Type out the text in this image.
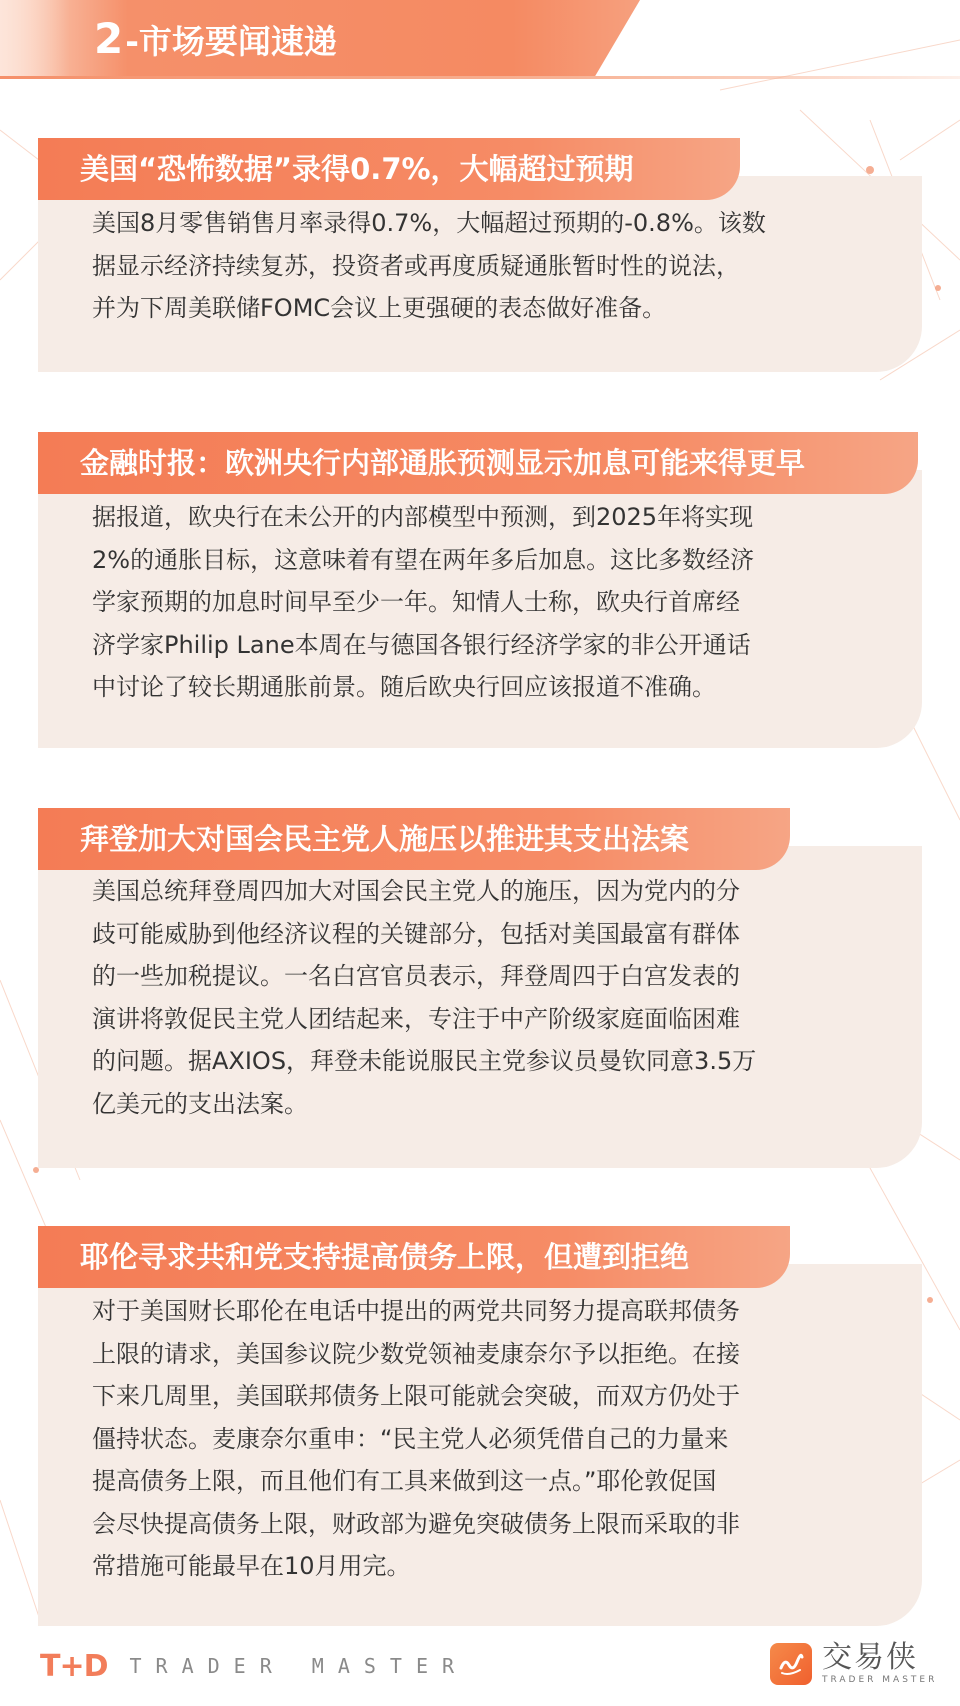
2 -市场要闻速递
美国“恐怖数据”录得0.7%，大幅超过预期
美国8月零售销售月率录得0.7%，大幅超过预期的-0.8%。该数
据显示经济持续复苏，投资者或再度质疑通胀暂时性的说法，
并为下周美联储FOMC会议上更强硬的表态做好准备。
金融时报：欧洲央行内部通胀预测显示加息可能来得更早
据报道，欧央行在未公开的内部模型中预测，到2025年将实现
2%的通胀目标，这意味着有望在两年多后加息。这比多数经济
学家预期的加息时间早至少一年。知情人士称，欧央行首席经
济学家Philip Lane本周在与德国各银行经济学家的非公开通话
中讨论了较长期通胀前景。随后欧央行回应该报道不准确。
拜登加大对国会民主党人施压以推进其支出法案
美国总统拜登周四加大对国会民主党人的施压，因为党内的分
歧可能威胁到他经济议程的关键部分，包括对美国最富有群体
的一些加税提议。一名白宫官员表示，拜登周四于白宫发表的
演讲将敦促民主党人团结起来，专注于中产阶级家庭面临困难
的问题。据AXIOS，拜登未能说服民主党参议员曼钦同意3.5万
亿美元的支出法案。
耶伦寻求共和党支持提高债务上限，但遭到拒绝
对于美国财长耶伦在电话中提出的两党共同努力提高联邦债务
上限的请求，美国参议院少数党领袖麦康奈尔予以拒绝。在接
下来几周里，美国联邦债务上限可能就会突破，而双方仍处于
僵持状态。麦康奈尔重申：“民主党人必须凭借自己的力量来
提高债务上限，而且他们有工具来做到这一点。”耶伦敦促国
会尽快提高债务上限，财政部为避免突破债务上限而采取的非
常措施可能最早在10月用完。
T+D TRADER MASTER	交易侠
TRADER MASTER
